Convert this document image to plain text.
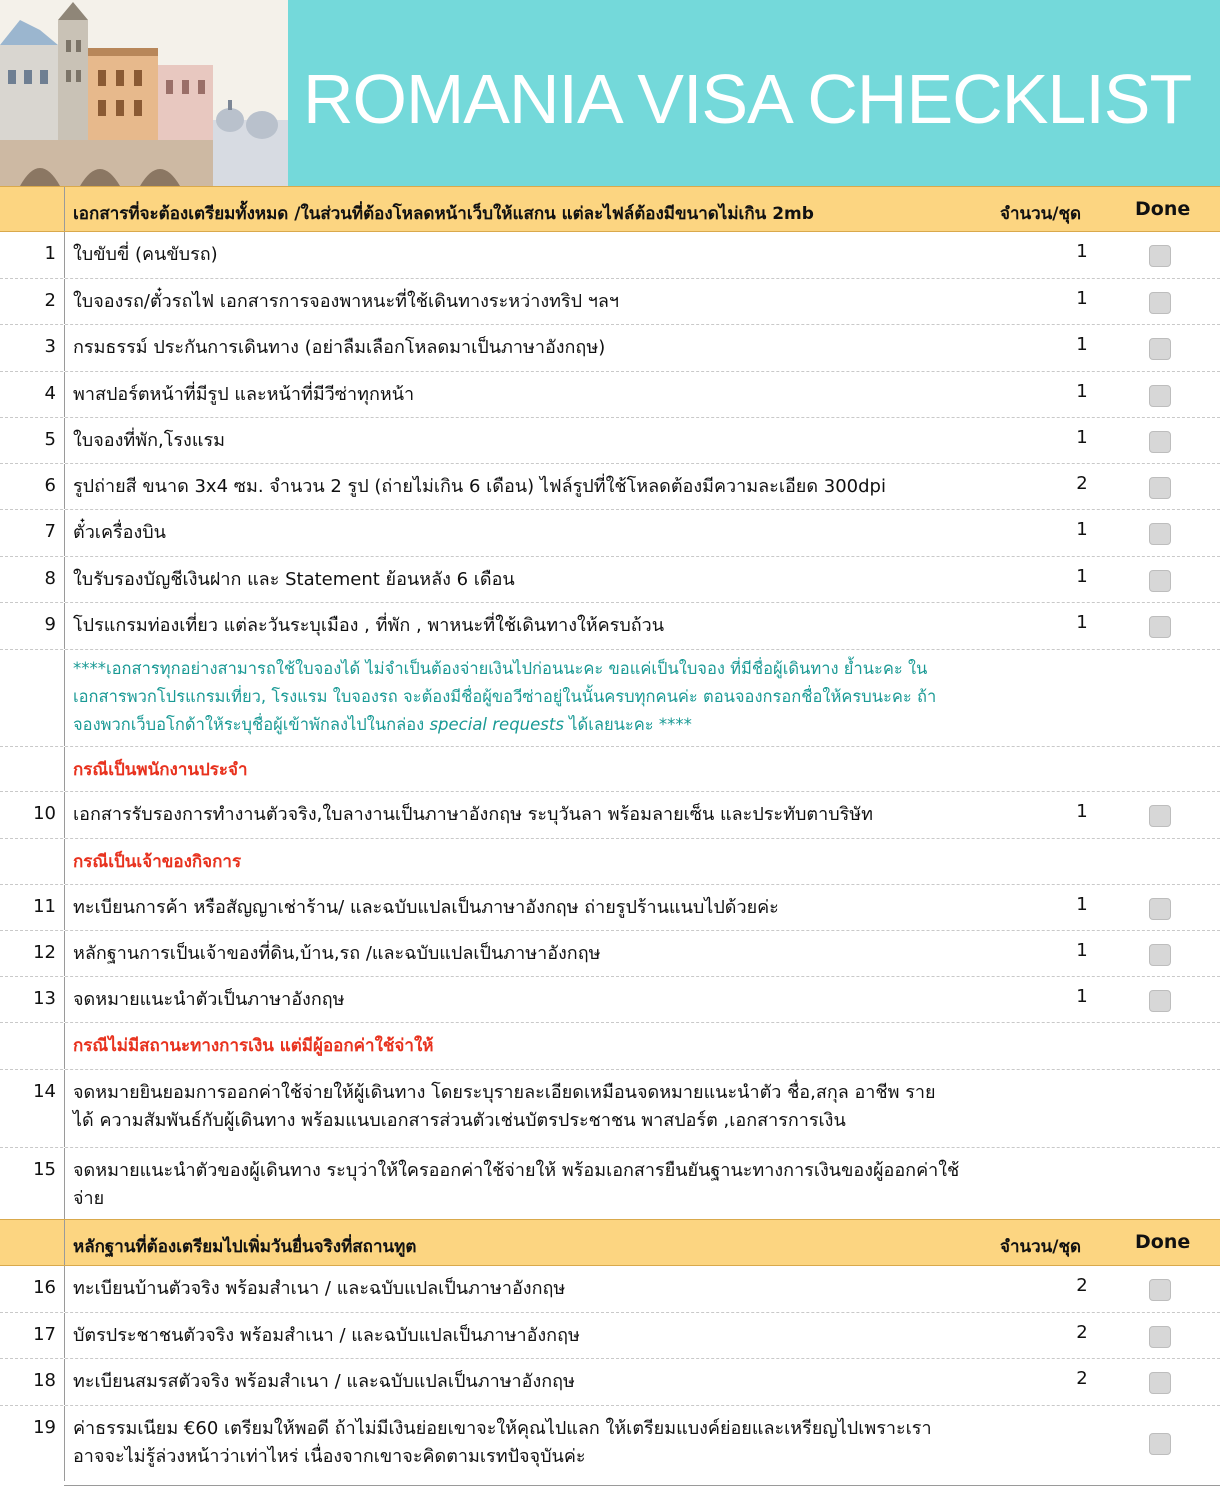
ROMANIA VISA CHECKLIST
เอกสารที่จะต้องเตรียมทั้งหมด /ในส่วนที่ต้องโหลดหน้าเว็บให้แสกน แต่ละไฟล์ต้องมีขนาดไม่เกิน 2mb	จำนวน/ชุด	Done
1 ใบขับขี่ (คนขับรถ)	1
2 ใบจองรถ/ตั๋วรถไฟ เอกสารการจองพาหนะที่ใช้เดินทางระหว่างทริป ฯลฯ	1
3 กรมธรรม์ ประกันการเดินทาง (อย่าลืมเลือกโหลดมาเป็นภาษาอังกฤษ)	1
4 พาสปอร์ตหน้าที่มีรูป และหน้าที่มีวีซ่าทุกหน้า	1
5 ใบจองที่พัก,โรงแรม	1
6 รูปถ่ายสี ขนาด 3x4 ซม. จำนวน 2 รูป (ถ่ายไม่เกิน 6 เดือน) ไฟล์รูปที่ใช้โหลดต้องมีความละเอียด 300dpi	2
7 ตั๋วเครื่องบิน	1
8 ใบรับรองบัญชีเงินฝาก และ Statement ย้อนหลัง 6 เดือน	1
9 โปรแกรมท่องเที่ยว แต่ละวันระบุเมือง , ที่พัก , พาหนะที่ใช้เดินทางให้ครบถ้วน	1
****เอกสารทุกอย่างสามารถใช้ใบจองได้ ไม่จำเป็นต้องจ่ายเงินไปก่อนนะคะ ขอแค่เป็นใบจอง ที่มีชื่อผู้เดินทาง ย้ำนะคะ ในเอกสารพวกโปรแกรมเที่ยว, โรงแรม ใบจองรถ จะต้องมีชื่อผู้ขอวีซ่าอยู่ในนั้นครบทุกคนค่ะ ตอนจองกรอกชื่อให้ครบนะคะ ถ้าจองพวกเว็บอโกด้าให้ระบุชื่อผู้เข้าพักลงไปในกล่อง special requests ได้เลยนะคะ ****
กรณีเป็นพนักงานประจำ
10 เอกสารรับรองการทำงานตัวจริง,ใบลางานเป็นภาษาอังกฤษ ระบุวันลา พร้อมลายเซ็น และประทับตาบริษัท	1
กรณีเป็นเจ้าของกิจการ
11 ทะเบียนการค้า หรือสัญญาเช่าร้าน/ และฉบับแปลเป็นภาษาอังกฤษ ถ่ายรูปร้านแนบไปด้วยค่ะ	1
12 หลักฐานการเป็นเจ้าของที่ดิน,บ้าน,รถ /และฉบับแปลเป็นภาษาอังกฤษ	1
13 จดหมายแนะนำตัวเป็นภาษาอังกฤษ	1
กรณีไม่มีสถานะทางการเงิน แต่มีผู้ออกค่าใช้จ่าให้
14 จดหมายยินยอมการออกค่าใช้จ่ายให้ผู้เดินทาง โดยระบุรายละเอียดเหมือนจดหมายแนะนำตัว ชื่อ,สกุล อาชีพ รายได้ ความสัมพันธ์กับผู้เดินทาง พร้อมแนบเอกสารส่วนตัวเช่นบัตรประชาชน พาสปอร์ต ,เอกสารการเงิน
15 จดหมายแนะนำตัวของผู้เดินทาง ระบุว่าให้ใครออกค่าใช้จ่ายให้ พร้อมเอกสารยืนยันฐานะทางการเงินของผู้ออกค่าใช้จ่าย
หลักฐานที่ต้องเตรียมไปเพิ่มวันยื่นจริงที่สถานทูต	จำนวน/ชุด	Done
16 ทะเบียนบ้านตัวจริง พร้อมสำเนา / และฉบับแปลเป็นภาษาอังกฤษ	2
17 บัตรประชาชนตัวจริง พร้อมสำเนา / และฉบับแปลเป็นภาษาอังกฤษ	2
18 ทะเบียนสมรสตัวจริง พร้อมสำเนา / และฉบับแปลเป็นภาษาอังกฤษ	2
19 ค่าธรรมเนียม €60 เตรียมให้พอดี ถ้าไม่มีเงินย่อยเขาจะให้คุณไปแลก ให้เตรียมแบงค์ย่อยและเหรียญไปเพราะเราอาจจะไม่รู้ล่วงหน้าว่าเท่าไหร่ เนื่องจากเขาจะคิดตามเรทปัจจุบันค่ะ
